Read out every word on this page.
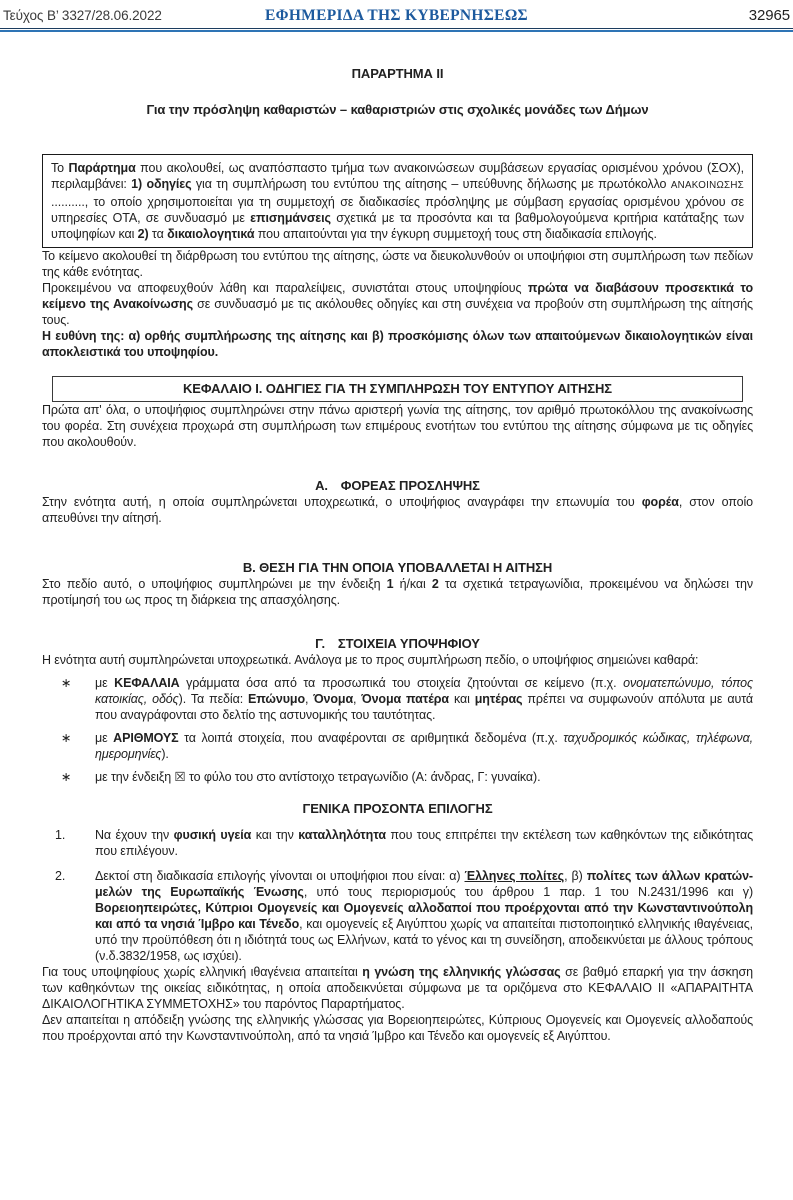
Τεύχος Β’ 3327/28.06.2022	ΕΦΗΜΕΡΙΔΑ ΤΗΣ ΚΥΒΕΡΝΗΣΕΩΣ	32965
ΠΑΡΑΡΤΗΜΑ ΙΙ
Για την πρόσληψη καθαριστών – καθαριστριών στις σχολικές μονάδες των Δήμων
Το Παράρτημα που ακολουθεί, ως αναπόσπαστο τμήμα των ανακοινώσεων συμβάσεων εργασίας ορισμένου χρόνου (ΣΟΧ), περιλαμβάνει: 1) οδηγίες για τη συμπλήρωση του εντύπου της αίτησης – υπεύθυνης δήλωσης με πρωτόκολλο ΑΝΑΚΟΙΝΩΣΗΣ .........., το οποίο χρησιμοποιείται για τη συμμετοχή σε διαδικασίες πρόσληψης με σύμβαση εργασίας ορισμένου χρόνου σε υπηρεσίες ΟΤΑ, σε συνδυασμό με επισημάνσεις σχετικά με τα προσόντα και τα βαθμολογούμενα κριτήρια κατάταξης των υποψηφίων και 2) τα δικαιολογητικά που απαιτούνται για την έγκυρη συμμετοχή τους στη διαδικασία επιλογής.

Το κείμενο ακολουθεί τη διάρθρωση του εντύπου της αίτησης, ώστε να διευκολυνθούν οι υποψήφιοι στη συμπλήρωση των πεδίων της κάθε ενότητας.

Προκειμένου να αποφευχθούν λάθη και παραλείψεις, συνιστάται στους υποψηφίους πρώτα να διαβάσουν προσεκτικά το κείμενο της Ανακοίνωσης σε συνδυασμό με τις ακόλουθες οδηγίες και στη συνέχεια να προβούν στη συμπλήρωση της αίτησής τους.

Η ευθύνη της: α) ορθής συμπλήρωσης της αίτησης και β) προσκόμισης όλων των απαιτούμενων δικαιολογητικών είναι αποκλειστικά του υποψηφίου.

ΚΕΦΑΛΑΙΟ Ι. ΟΔΗΓΙΕΣ ΓΙΑ ΤΗ ΣΥΜΠΛΗΡΩΣΗ ΤΟΥ ΕΝΤΥΠΟΥ ΑΙΤΗΣΗΣ

Πρώτα απ' όλα, ο υποψήφιος συμπληρώνει στην πάνω αριστερή γωνία της αίτησης, τον αριθμό πρωτοκόλλου της ανακοίνωσης του φορέα. Στη συνέχεια προχωρά στη συμπλήρωση των επιμέρους ενοτήτων του εντύπου της αίτησης σύμφωνα με τις οδηγίες που ακολουθούν.

Α. ΦΟΡΕΑΣ ΠΡΟΣΛΗΨΗΣ

Στην ενότητα αυτή, η οποία συμπληρώνεται υποχρεωτικά, ο υποψήφιος αναγράφει την επωνυμία του φορέα, στον οποίο απευθύνει την αίτησή.

Β. ΘΕΣΗ ΓΙΑ ΤΗΝ ΟΠΟΙΑ ΥΠΟΒΑΛΛΕΤΑΙ Η ΑΙΤΗΣΗ

Στο πεδίο αυτό, ο υποψήφιος συμπληρώνει με την ένδειξη 1 ή/και 2 τα σχετικά τετραγωνίδια, προκειμένου να δηλώσει την προτίμησή του ως προς τη διάρκεια της απασχόλησης.

Γ. ΣΤΟΙΧΕΙΑ ΥΠΟΨΗΦΙΟΥ

Η ενότητα αυτή συμπληρώνεται υποχρεωτικά. Ανάλογα με το προς συμπλήρωση πεδίο, ο υποψήφιος σημειώνει καθαρά:

∗	με ΚΕΦΑΛΑΙΑ γράμματα όσα από τα προσωπικά του στοιχεία ζητούνται σε κείμενο (π.χ. ονοματεπώνυμο, τόπος κατοικίας, οδός). Τα πεδία: Επώνυμο, Όνομα, Όνομα πατέρα και μητέρας πρέπει να συμφωνούν απόλυτα με αυτά που αναγράφονται στο δελτίο της αστυνομικής του ταυτότητας.
∗	με ΑΡΙΘΜΟΥΣ τα λοιπά στοιχεία, που αναφέρονται σε αριθμητικά δεδομένα (π.χ. ταχυδρομικός κώδικας, τηλέφωνα, ημερομηνίες).
∗	με την ένδειξη ☒ το φύλο του στο αντίστοιχο τετραγωνίδιο (Α: άνδρας, Γ: γυναίκα).
ΓΕΝΙΚΑ ΠΡΟΣΟΝΤΑ ΕΠΙΛΟΓΗΣ
1.	Να έχουν την φυσική υγεία και την καταλληλότητα που τους επιτρέπει την εκτέλεση των καθηκόντων της ειδικότητας που επιλέγουν.
2.	Δεκτοί στη διαδικασία επιλογής γίνονται οι υποψήφιοι που είναι: α) Έλληνες πολίτες, β) πολίτες των άλλων κρατών-μελών της Ευρωπαϊκής Ένωσης, υπό τους περιορισμούς του άρθρου 1 παρ. 1 του Ν.2431/1996 και γ) Βορειοηπειρώτες, Κύπριοι Ομογενείς και Ομογενείς αλλοδαποί που προέρχονται από την Κωνσταντινούπολη και από τα νησιά Ίμβρο και Τένεδο, και ομογενείς εξ Αιγύπτου χωρίς να απαιτείται πιστοποιητικό ελληνικής ιθαγένειας, υπό την προϋπόθεση ότι η ιδιότητά τους ως Ελλήνων, κατά το γένος και τη συνείδηση, αποδεικνύεται με άλλους τρόπους (ν.δ.3832/1958, ως ισχύει).

Για τους υποψηφίους χωρίς ελληνική ιθαγένεια απαιτείται η γνώση της ελληνικής γλώσσας σε βαθμό επαρκή για την άσκηση των καθηκόντων της οικείας ειδικότητας, η οποία αποδεικνύεται σύμφωνα με τα οριζόμενα στο ΚΕΦΑΛΑΙΟ ΙΙ «ΑΠΑΡΑΙΤΗΤΑ ΔΙΚΑΙΟΛΟΓΗΤΙΚΑ ΣΥΜΜΕΤΟΧΗΣ» του παρόντος Παραρτήματος.

Δεν απαιτείται η απόδειξη γνώσης της ελληνικής γλώσσας για Βορειοηπειρώτες, Κύπριους Ομογενείς και Ομογενείς αλλοδαπούς που προέρχονται από την Κωνσταντινούπολη, από τα νησιά Ίμβρο και Τένεδο και ομογενείς εξ Αιγύπτου.
